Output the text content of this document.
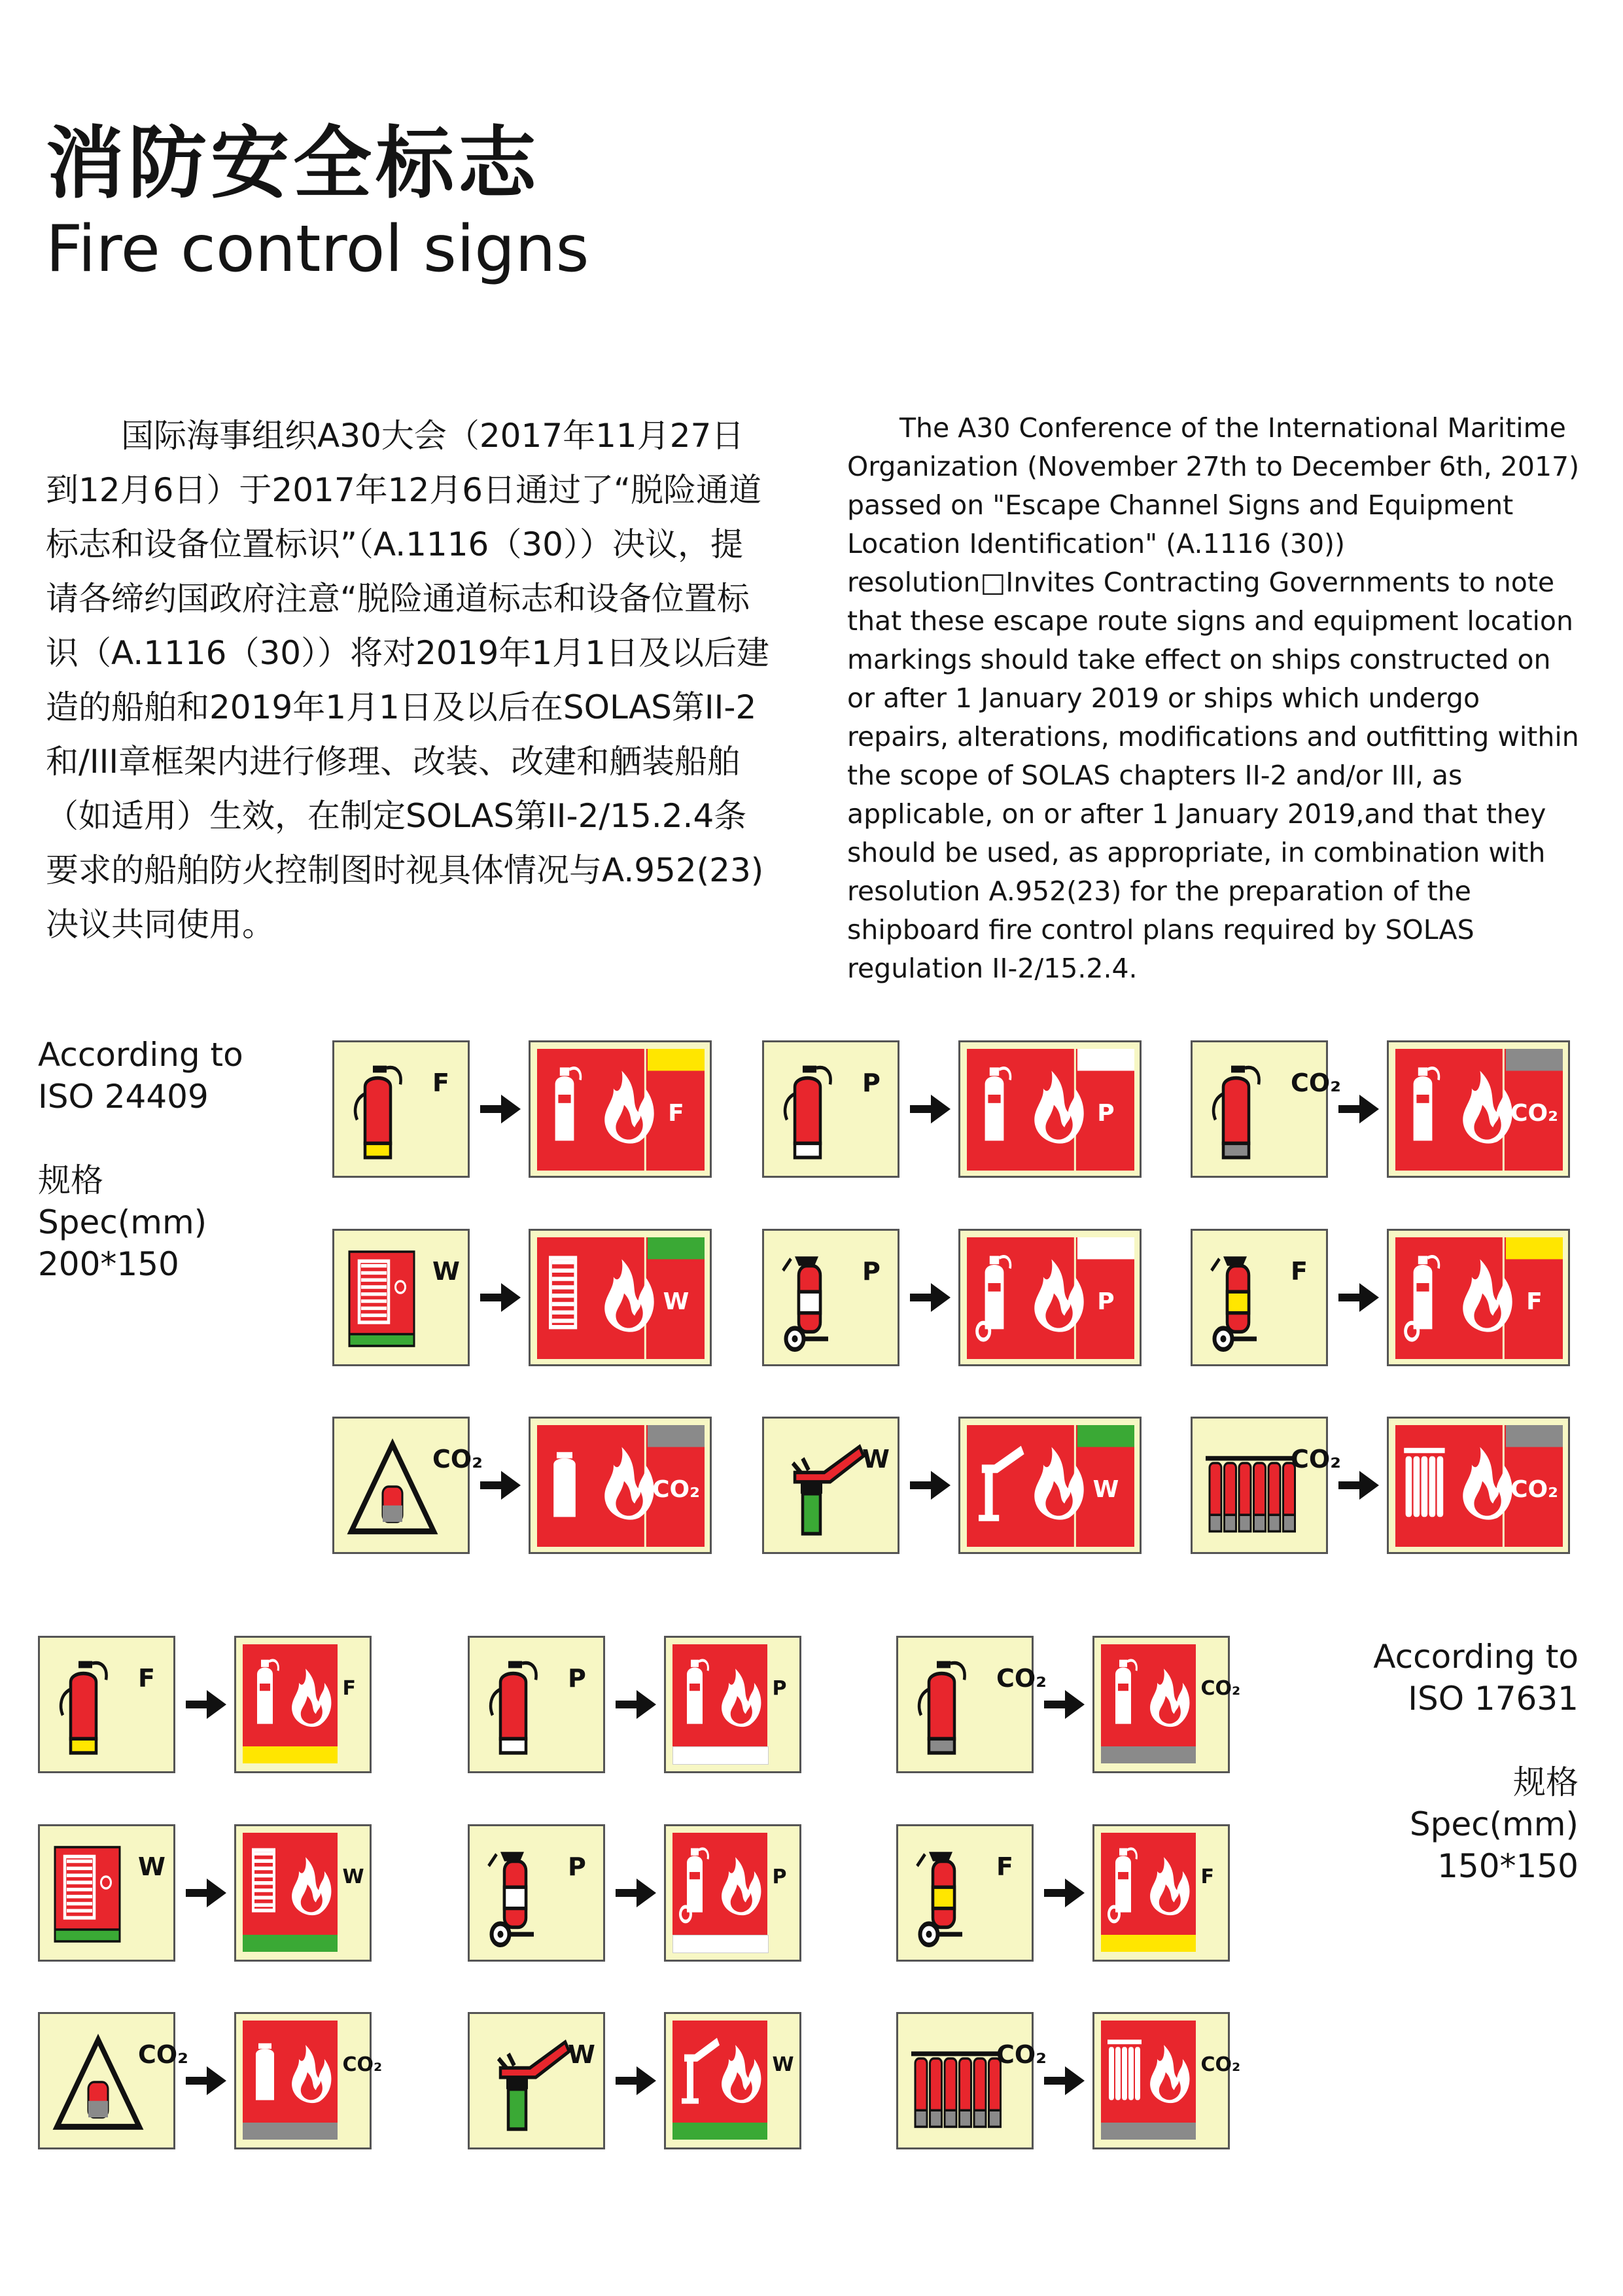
消防安全标志
Fire control signs

国际海事组织A30大会（2017年11月27日到12月6日）于2017年12月6日通过了“脱险通道标志和设备位置标识”（A.1116（30））决议，提请各缔约国政府注意“脱险通道标志和设备位置标识（A.1116（30））将对2019年1月1日及以后建造的船舶和2019年1月1日及以后在SOLAS第II-2和/III章框架内进行修理、改装、改建和舾装船舶（如适用）生效，在制定SOLAS第II-2/15.2.4条要求的船舶防火控制图时视具体情况与A.952(23)决议共同使用。

The A30 Conference of the International Maritime Organization (November 27th to December 6th, 2017) passed on "Escape Channel Signs and Equipment Location Identification" (A.1116 (30)) resolution□Invites Contracting Governments to note that these escape route signs and equipment location markings should take effect on ships constructed on or after 1 January 2019 or ships which undergo repairs, alterations, modifications and outfitting within the scope of SOLAS chapters II-2 and/or III, as applicable, on or after 1 January 2019,and that they should be used, as appropriate, in combination with resolution A.952(23) for the preparation of the shipboard fire control plans required by SOLAS regulation II-2/15.2.4.

According to
ISO 24409

规格
Spec(mm)
200*150
According to
ISO 17631

规格
Spec(mm)
150*150
F
F
P
P
CO₂
CO₂
W
W
P
P
F
F
CO₂
CO₂
W
W
CO₂
CO₂
F	F	P	P	CO₂	CO₂
W	W	P	P	F	F
CO₂	CO₂	W	W	CO₂	CO₂
